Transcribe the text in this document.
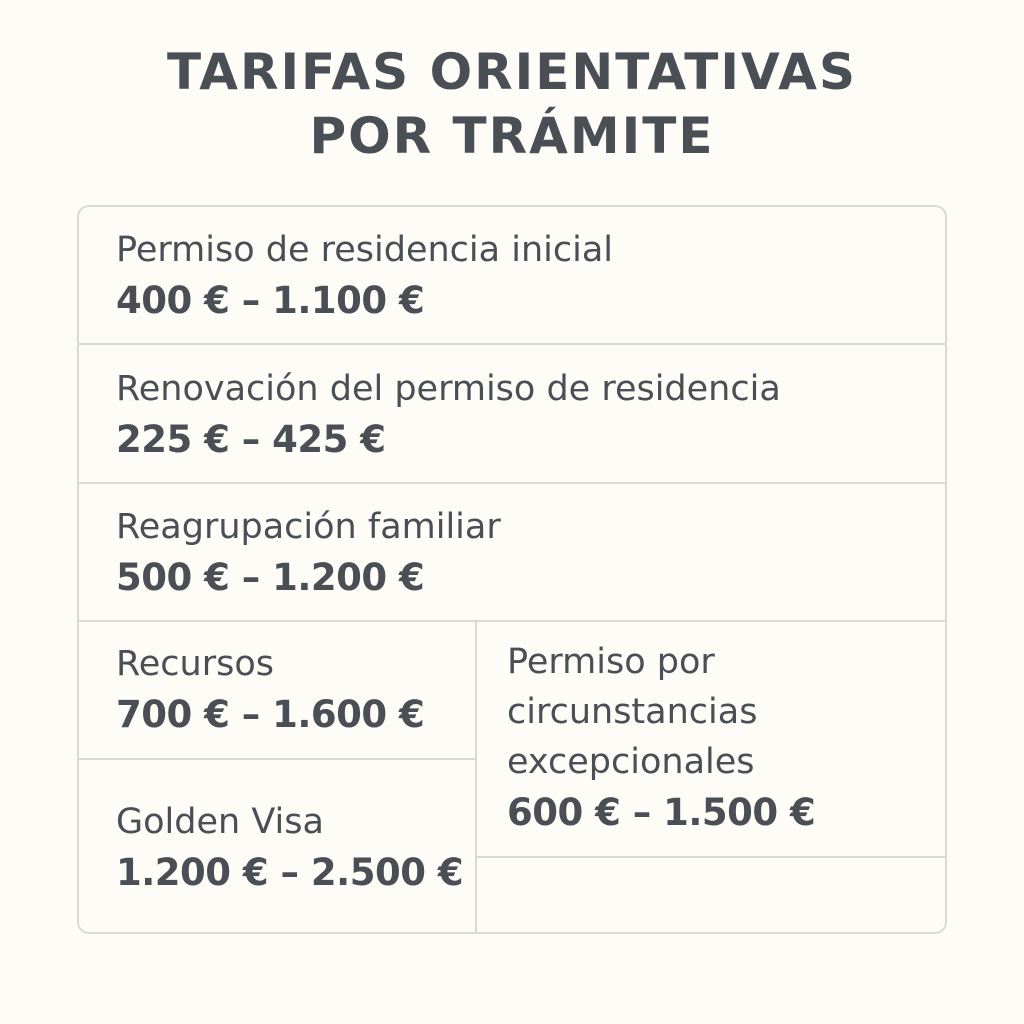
TARIFAS ORIENTATIVAS
POR TRÁMITE
Permiso de residencia inicial
400 € – 1.100 €
Renovación del permiso de residencia
225 € – 425 €
Reagrupación familiar
500 € – 1.200 €
Recursos
700 € – 1.600 €
Golden Visa
1.200 € – 2.500 €
Permiso por
circunstancias
excepcionales
600 € – 1.500 €
